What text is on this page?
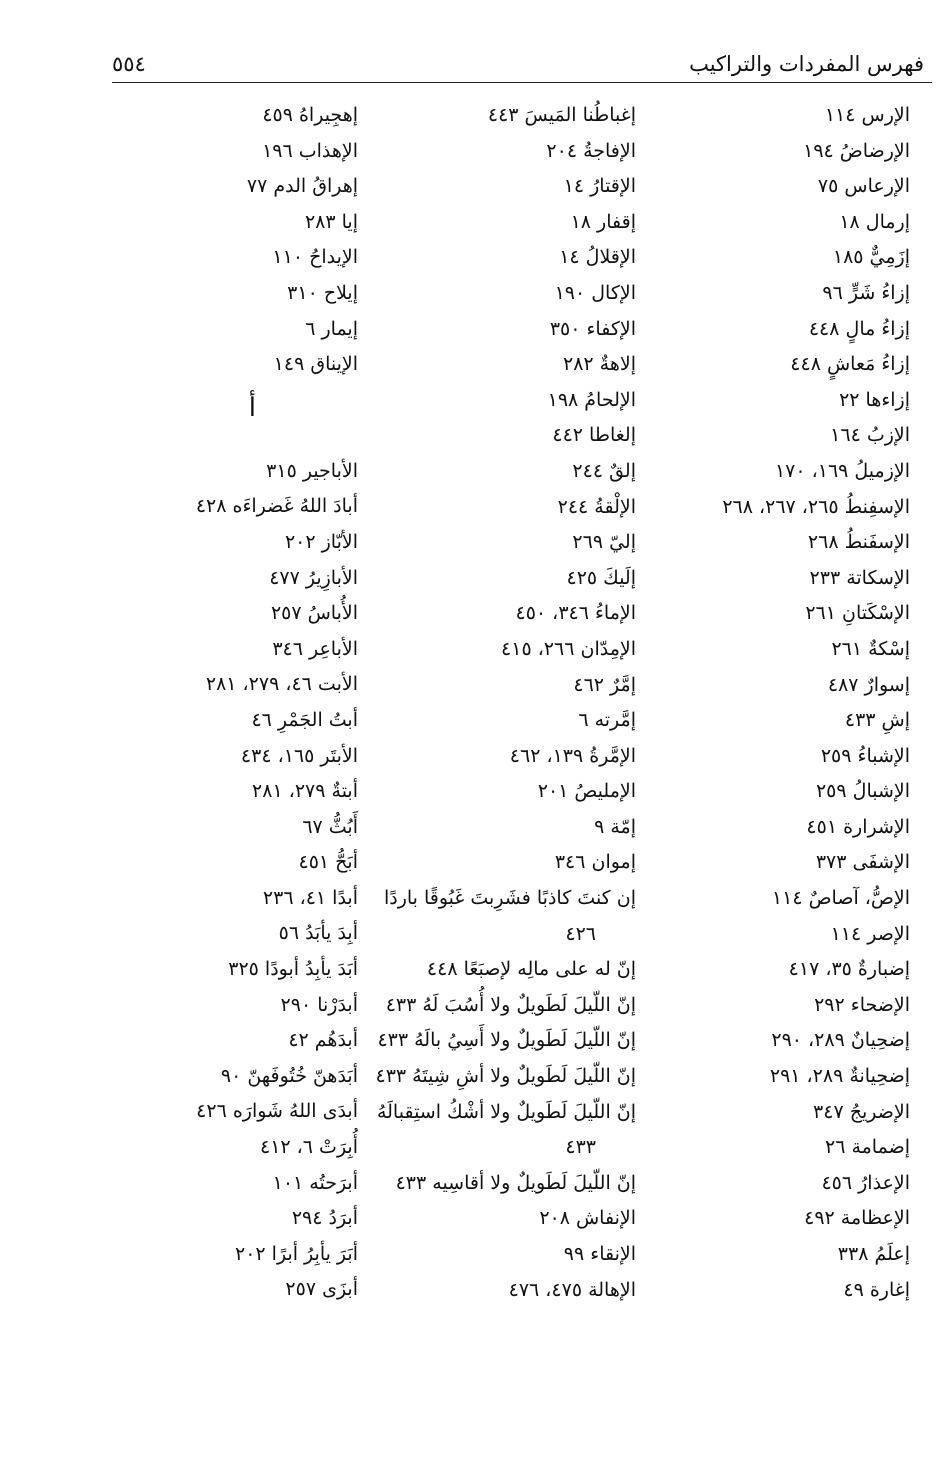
فهرس المفردات والتراكيب
٥٥٤
الإرس ١١٤
الإرضاضُ ١٩٤
الإرعاس ٧٥
إرمال ١٨
إزَمِيٌّ ١٨٥
إزاءُ شَرٍّ ٩٦
إزاءُ مالٍ ٤٤٨
إزاءُ مَعاشٍ ٤٤٨
إزاءها ٢٢
الإزبُ ١٦٤
الإزميلُ ١٦٩، ١٧٠
الإسفِنطُ ٢٦٥، ٢٦٧، ٢٦٨
الإسفَنطُ ٢٦٨
الإسكاتة ٢٣٣
الإسْكَتانِ ٢٦١
إسْكةٌ ٢٦١
إسوارٌ ٤٨٧
إشِ ٤٣٣
الإشباءُ ٢٥٩
الإشبالُ ٢٥٩
الإشرارة ٤٥١
الإشفَى ٣٧٣
الإصُّ، آصاصٌ ١١٤
الإصر ١١٤
إضبارةٌ ٣٥، ٤١٧
الإضحاء ٢٩٢
إضحِيانٌ ٢٨٩، ٢٩٠
إضحِيانةٌ ٢٨٩، ٢٩١
الإضريجُ ٣٤٧
إضمامة ٢٦
الإعذارُ ٤٥٦
الإعظامة ٤٩٢
إعلَمُ ٣٣٨
إغارة ٤٩
إغباطُنا المَيسَ ٤٤٣
الإفاجةُ ٢٠٤
الإقتارُ ١٤
إقفار ١٨
الإقلالُ ١٤
الإكال ١٩٠
الإكفاء ٣٥٠
إلاهةٌ ٢٨٢
الإلحامُ ١٩٨
إلغاطا ٤٤٢
إلقٌ ٢٤٤
الإلْقةُ ٢٤٤
إليّ ٢٦٩
إلَيكَ ٤٢٥
الإماءُ ٣٤٦، ٤٥٠
الإمِدّان ٢٦٦، ٤١٥
إمَّرٌ ٤٦٢
إمَّرته ٦
الإمَّرةُ ١٣٩، ٤٦٢
الإمليصُ ٢٠١
إمّة ٩
إموان ٣٤٦
إن كنتَ كاذبًا فشَرِبتَ غَبُوقًا باردًا
٤٢٦
إنّ له على مالِه لإصبَعًا ٤٤٨
إنّ اللّيلَ لَطَويلٌ ولا أُسُبَ لَهُ ٤٣٣
إنّ اللّيلَ لَطَويلٌ ولا أَسِيُ بالَهُ ٤٣٣
إنّ اللّيلَ لَطَويلٌ ولا أشِ شِيتَهُ ٤٣٣
إنّ اللّيلَ لَطَويلٌ ولا أشْكُ استِقبالَهُ
٤٣٣
إنّ اللّيلَ لَطَويلٌ ولا أقاسِيه ٤٣٣
الإنفاش ٢٠٨
الإنقاء ٩٩
الإهالة ٤٧٥، ٤٧٦
إهجِيراهُ ٤٥٩
الإهذاب ١٩٦
إهراقُ الدم ٧٧
إيا ٢٨٣
الإيداحُ ١١٠
إيلاح ٣١٠
إيمار ٦
الإيناق ١٤٩
أ
الأباجير ٣١٥
أبادَ اللهُ غَضراءَه ٤٢٨
الأبّاز ٢٠٢
الأبازِيرُ ٤٧٧
الأُباسُ ٢٥٧
الأباعِر ٣٤٦
الأبت ٤٦، ٢٧٩، ٢٨١
أبتُ الجَمْرِ ٤٦
الأبتَر ١٦٥، ٤٣٤
أبتةٌ ٢٧٩، ٢٨١
أَبُثُّ ٦٧
أبَحُّ ٤٥١
أبدًا ٤١، ٢٣٦
أبِدَ يأبَدُ ٥٦
أبَدَ يأبِدُ أبودًا ٣٢٥
أبدَرْنا ٢٩٠
أبدَهُم ٤٢
أبَدَهنّ خُتُوفَهنّ ٩٠
أبدَى اللهُ شَوارَه ٤٢٦
أُبِرَتْ ٦، ٤١٢
أبرَحتُه ١٠١
أبرَدُ ٢٩٤
أبَرَ يأبِرُ أبرًا ٢٠٢
أبزَى ٢٥٧
